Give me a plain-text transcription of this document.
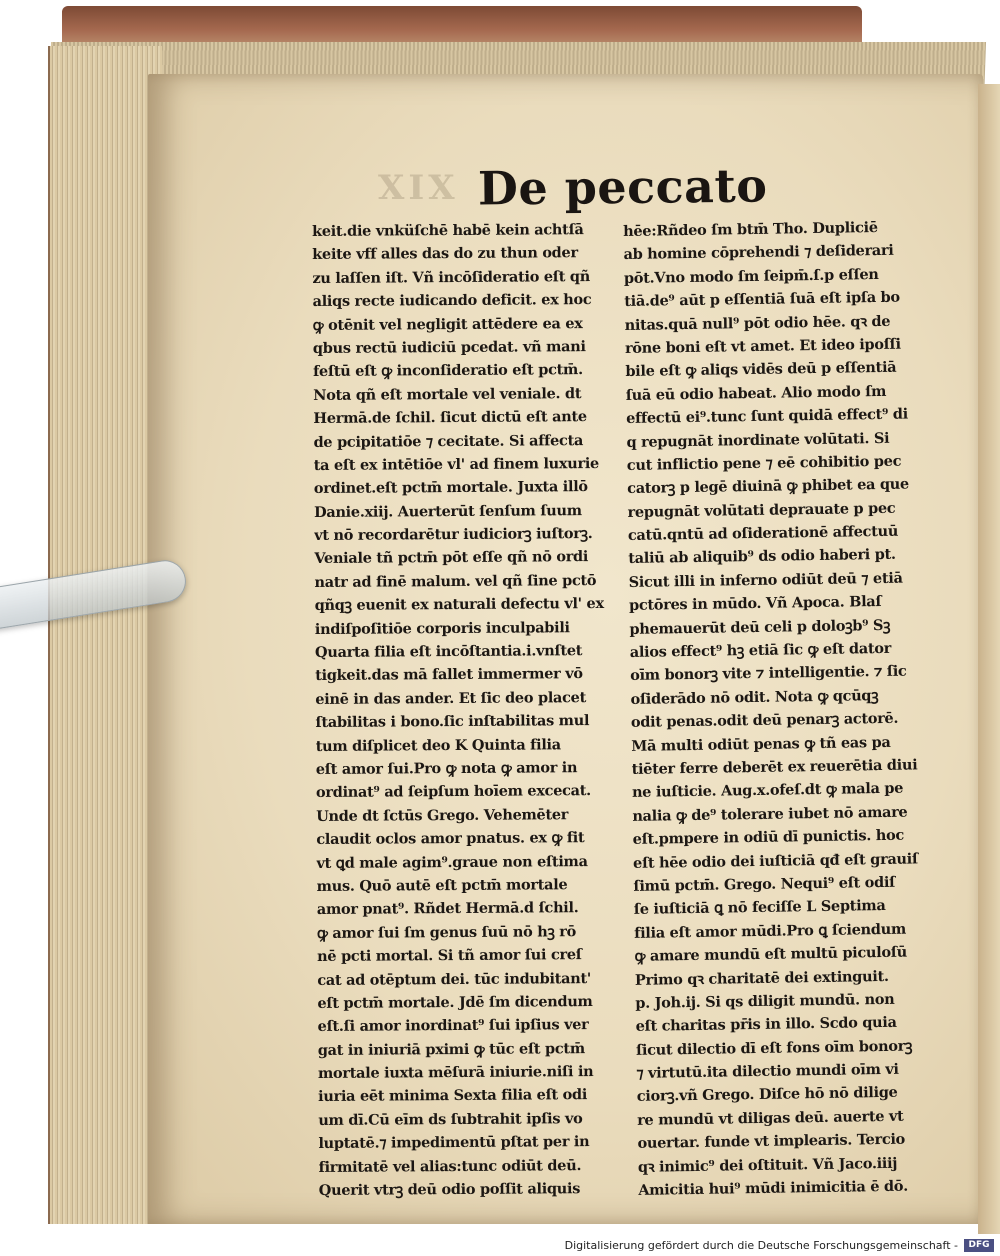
XIX De peccato
keit.die vnküſchē habē kein achtſā
keite vff alles das do zu thun oder
zu laſſen iſt. Vñ incōſideratio eſt qñ
aliqs recte iudicando deficit. ex hoc
ꝙ otēnit vel negligit attēdere ea ex
qbus rectū iudiciū pcedat. vñ mani
feſtū eſt ꝙ inconſideratio eſt pctm̄.
Nota qñ eſt mortale vel veniale. dt
Hermā.de ſchil. ſicut dictū eſt ante
de pcipitatiōe ⁊ cecitate. Si affecta
ta eſt ex intētiōe vl' ad finem luxurie
ordinet.eſt pctm̄ mortale. Juxta illō
Danie.xiij. Auerterūt ſenſum ſuum
vt nō recordarētur iudiciorꝫ iuſtorꝫ.
Veniale tñ pctm̄ pōt eſſe qñ nō ordi
natr ad finē malum. vel qñ ſine pctō
qñqꝫ euenit ex naturali defectu vl' ex
indiſpoſitiōe corporis inculpabili
Quarta filia eſt incōſtantia.i.vnſtet
tigkeit.das mā fallet immermer vō
einē in das ander. Et ſic deo placet
ſtabilitas i bono.ſic inſtabilitas mul
tum diſplicet deo K Quinta filia
eſt amor ſui.Pro ꝙ nota ꝙ amor in
ordinat⁹ ad ſeipſum hoīem excecat.
Unde dt ſctūs Grego. Vehemēter
claudit oclos amor pnatus. ex ꝙ fit
vt ꝗd male agim⁹.graue non eſtima
mus. Quō autē eſt pctm̄ mortale
amor pnat⁹. Rñdet Hermā.d ſchil.
ꝙ amor ſui ſm genus ſuū nō hꝫ rō
nē pcti mortal. Si tñ amor ſui creſ
cat ad otēptum dei. tūc indubitant'
eſt pctm̄ mortale. Jdē ſm dicendum
eſt.ſi amor inordinat⁹ ſui ipſius ver
gat in iniuriā pximi ꝙ tūc eſt pctm̄
mortale iuxta mēſurā iniurie.niſi in
iuria eēt minima Sexta filia eſt odi
um dī.Cū eīm ds ſubtrahit ipſis vo
luptatē.⁊ impedimentū pſtat per in
firmitatē vel alias:tunc odiūt deū.
Querit vtrꝫ deū odio poſſit aliquis
hēe:Rñdeo ſm btm̄ Tho. Dupliciē
ab homine cōprehendi ⁊ deſiderari
pōt.Vno modo ſm ſeipm̄.ſ.p eſſen
tiā.de⁹ aūt p eſſentiā ſuā eſt ipſa bo
nitas.quā null⁹ pōt odio hēe. qꝛ de
rōne boni eſt vt amet. Et ideo ipoſſi
bile eſt ꝙ aliqs vidēs deū p eſſentiā
ſuā eū odio habeat. Alio modo ſm
effectū ei⁹.tunc ſunt quidā effect⁹ di
q repugnāt inordinate volūtati. Si
cut inflictio pene ⁊ eē cohibitio pec
catorꝫ p legē diuinā ꝙ phibet ea que
repugnāt volūtati deprauate p pec
catū.qntū ad oſiderationē affectuū
taliū ab aliquib⁹ ds odio haberi pt.
Sicut illi in inferno odiūt deū ⁊ etiā
pctōres in mūdo. Vñ Apoca. Blaſ
phemauerūt deū celi p doloꝫb⁹ Sꝫ
alios effect⁹ hꝫ etiā ſic ꝙ eſt dator
oīm bonorꝫ vite ⁊ intelligentie. ⁊ ſic
oſiderādo nō odit. Nota ꝙ qcūqꝫ
odit penas.odit deū penarꝫ actorē.
Mā multi odiūt penas ꝙ tñ eas pa
tiēter ferre deberēt ex reuerētia diui
ne iuſticie. Aug.x.ofeſ.dt ꝙ mala pe
nalia ꝙ de⁹ tolerare iubet nō amare
eſt.pmpere in odiū dī punictis. hoc
eſt hēe odio dei iuſticiā qđ eſt grauiſ
ſimū pctm̄. Grego. Nequi⁹ eſt odiſ
ſe iuſticiā ꝗ nō feciſſe L Septima
filia eſt amor mūdi.Pro ꝗ ſciendum
ꝙ amare mundū eſt multū piculoſū
Primo qꝛ charitatē dei extinguit.
p. Joh.ij. Si qs diligit mundū. non
eſt charitas pr̄is in illo. Scdo quia
ſicut dilectio dī eſt fons oīm bonorꝫ
⁊ virtutū.ita dilectio mundi oīm vi
ciorꝫ.vñ Grego. Diſce hō nō dilige
re mundū vt diligas deū. auerte vt
ouertar. funde vt implearis. Tercio
qꝛ inimic⁹ dei oſtituit. Vñ Jaco.iiij
Amicitia hui⁹ mūdi inimicitia ē dō.
Digitalisierung gefördert durch die Deutsche Forschungsgemeinschaft -	DFG
